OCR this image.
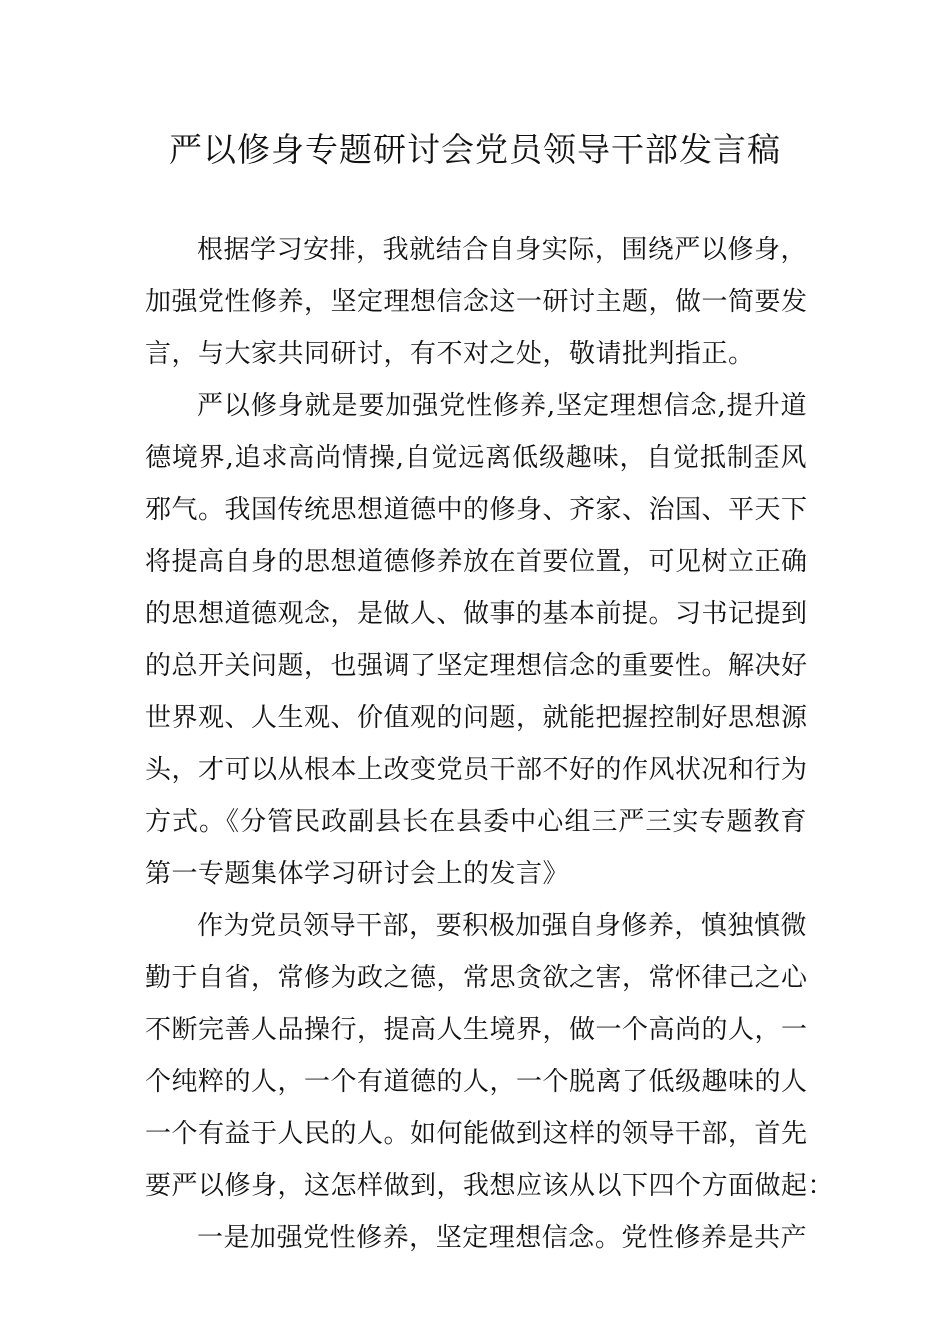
严以修身专题研讨会党员领导干部发言稿
根据学习安排，我就结合自身实际，围绕严以修身，
加强党性修养，坚定理想信念这一研讨主题，做一简要发
言，与大家共同研讨，有不对之处，敬请批判指正。
严以修身就是要加强党性修养,坚定理想信念,提升道
德境界,追求高尚情操,自觉远离低级趣味，自觉抵制歪风
邪气。我国传统思想道德中的修身、齐家、治国、平天下
将提高自身的思想道德修养放在首要位置，可见树立正确
的思想道德观念，是做人、做事的基本前提。习书记提到
的总开关问题，也强调了坚定理想信念的重要性。解决好
世界观、人生观、价值观的问题，就能把握控制好思想源
头，才可以从根本上改变党员干部不好的作风状况和行为
方式。《分管民政副县长在县委中心组三严三实专题教育
第一专题集体学习研讨会上的发言》
作为党员领导干部，要积极加强自身修养，慎独慎微
勤于自省，常修为政之德，常思贪欲之害，常怀律己之心
不断完善人品操行，提高人生境界，做一个高尚的人，一
个纯粹的人，一个有道德的人，一个脱离了低级趣味的人
一个有益于人民的人。如何能做到这样的领导干部，首先
要严以修身，这怎样做到，我想应该从以下四个方面做起：
一是加强党性修养，坚定理想信念。党性修养是共产
